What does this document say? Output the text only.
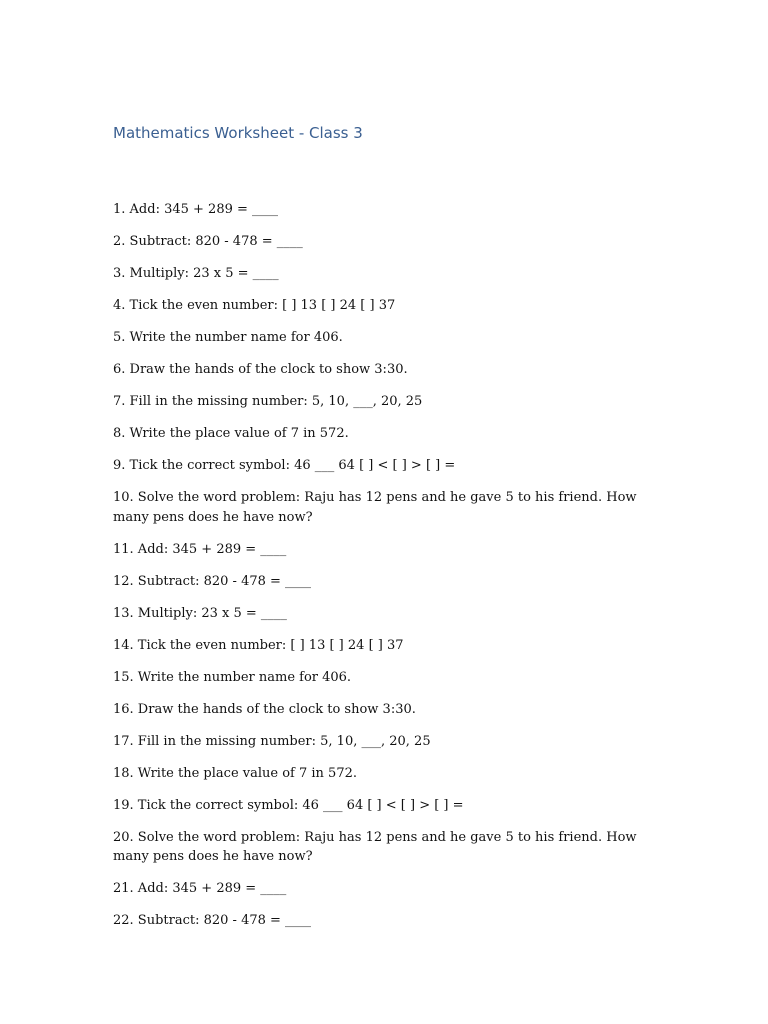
Mathematics Worksheet - Class 3
1. Add: 345 + 289 = ____
2. Subtract: 820 - 478 = ____
3. Multiply: 23 x 5 = ____
4. Tick the even number: [ ] 13 [ ] 24 [ ] 37
5. Write the number name for 406.
6. Draw the hands of the clock to show 3:30.
7. Fill in the missing number: 5, 10, ___, 20, 25
8. Write the place value of 7 in 572.
9. Tick the correct symbol: 46 ___ 64 [ ] < [ ] > [ ] =
10. Solve the word problem: Raju has 12 pens and he gave 5 to his friend. How many pens does he have now?
11. Add: 345 + 289 = ____
12. Subtract: 820 - 478 = ____
13. Multiply: 23 x 5 = ____
14. Tick the even number: [ ] 13 [ ] 24 [ ] 37
15. Write the number name for 406.
16. Draw the hands of the clock to show 3:30.
17. Fill in the missing number: 5, 10, ___, 20, 25
18. Write the place value of 7 in 572.
19. Tick the correct symbol: 46 ___ 64 [ ] < [ ] > [ ] =
20. Solve the word problem: Raju has 12 pens and he gave 5 to his friend. How many pens does he have now?
21. Add: 345 + 289 = ____
22. Subtract: 820 - 478 = ____
